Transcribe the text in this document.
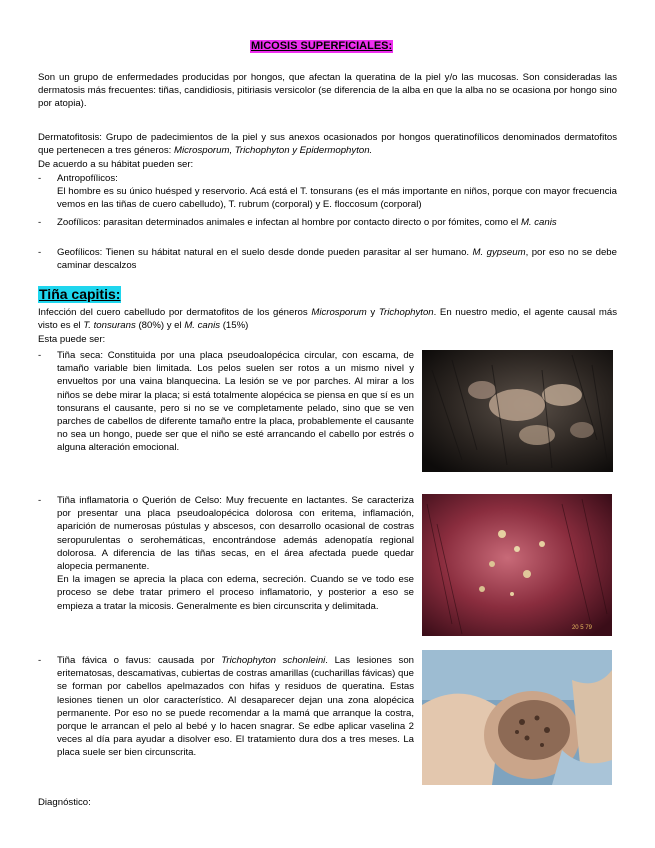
MICOSIS SUPERFICIALES:
Son un grupo de enfermedades producidas por hongos, que afectan la queratina de la piel y/o las mucosas. Son consideradas las dermatosis más frecuentes: tiñas, candidiosis, pitiriasis versicolor (se diferencia de la alba en que la alba no se ocasiona por hongo sino por atopia).
Dermatofitosis: Grupo de padecimientos de la piel y sus anexos ocasionados por hongos queratinofílicos denominados dermatofitos que pertenecen a tres géneros: Microsporum, Trichophyton y Epidermophyton.
De acuerdo a su hábitat pueden ser:
- Antropofílicos:
El hombre es su único huésped y reservorio. Acá está el T. tonsurans (es el más importante en niños, porque con mayor frecuencia vemos en las tiñas de cuero cabelludo), T. rubrum (corporal) y E. floccosum (corporal)
- Zoofílicos: parasitan determinados animales e infectan al hombre por contacto directo o por fómites, como el M. canis
- Geofílicos: Tienen su hábitat natural en el suelo desde donde pueden parasitar al ser humano. M. gypseum, por eso no se debe caminar descalzos
Tiña capitis:
Infección del cuero cabelludo por dermatofitos de los géneros Microsporum y Trichophyton. En nuestro medio, el agente causal más visto es el T. tonsurans (80%) y el M. canis (15%)
Esta puede ser:
- Tiña seca: Constituida por una placa pseudoalopécica circular, con escama, de tamaño variable bien limitada. Los pelos suelen ser rotos a un mismo nivel y envueltos por una vaina blanquecina. La lesión se ve por parches. Al mirar a los niños se debe mirar la placa; si está totalmente alopécica se piensa en que sí es un tonsurans el causante, pero si no se ve completamente pelado, sino que se ven parches de cabellos de diferente tamaño entre la placa, probablemente el causante no sea un hongo, puede ser que el niño se esté arrancando el cabello por estrés o alguna alteración emocional.
- Tiña inflamatoria o Querión de Celso: Muy frecuente en lactantes. Se caracteriza por presentar una placa pseudoalopécica dolorosa con eritema, inflamación, aparición de numerosas pústulas y abscesos, con desarrollo ocasional de costras seropurulentas o serohemáticas, encontrándose además adenopatía regional dolorosa. A diferencia de las tiñas secas, en el área afectada puede quedar alopecia permanente.
En la imagen se aprecia la placa con edema, secreción. Cuando se ve todo ese proceso se debe tratar primero el proceso inflamatorio, y posterior a eso se empieza a tratar la micosis. Generalmente es bien circunscrita y delimitada.
- Tiña fávica o favus: causada por Trichophyton schonleini. Las lesiones son eritematosas, descamativas, cubiertas de costras amarillas (cucharillas fávicas) que se forman por cabellos apelmazados con hifas y residuos de queratina. Estas lesiones tienen un olor característico. Al desaparecer dejan una zona alopécica permanente. Por eso no se puede recomendar a la mamá que arranque la costra, porque le arrancan el pelo al bebé y lo hacen snagrar. Se edbe aplicar vaselina 2 veces al día para ayudar a disolver eso. El tratamiento dura dos a tres meses. La placa suele ser bien circunscrita.
Diagnóstico:
20 5 79
